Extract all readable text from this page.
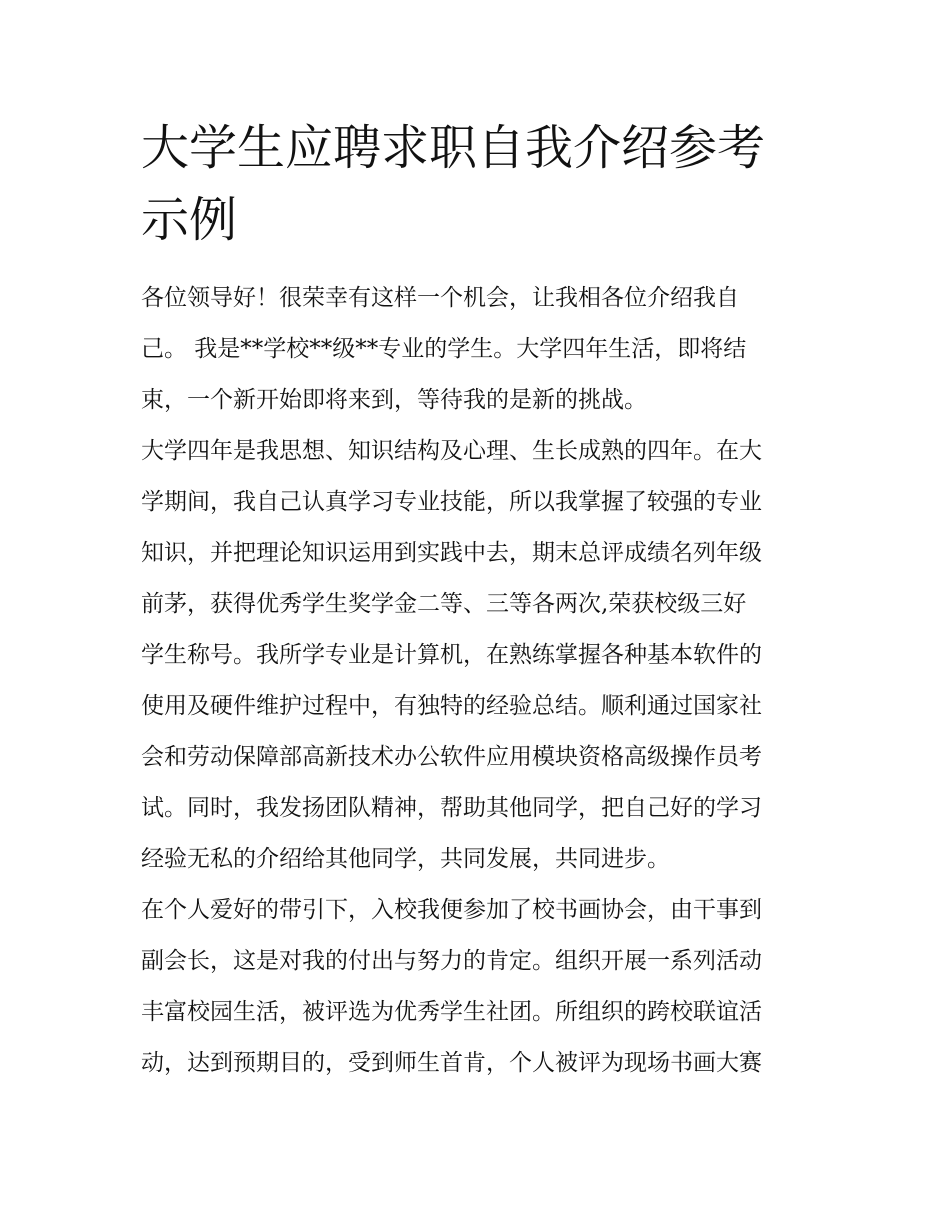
大学生应聘求职自我介绍参考
示例

各位领导好！很荣幸有这样一个机会，让我相各位介绍我自
己。 我是**学校**级**专业的学生。大学四年生活，即将结
束，一个新开始即将来到，等待我的是新的挑战。

大学四年是我思想、知识结构及心理、生长成熟的四年。在大
学期间，我自己认真学习专业技能，所以我掌握了较强的专业
知识，并把理论知识运用到实践中去，期末总评成绩名列年级
前茅，获得优秀学生奖学金二等、三等各两次,荣获校级三好
学生称号。我所学专业是计算机，在熟练掌握各种基本软件的
使用及硬件维护过程中，有独特的经验总结。顺利通过国家社
会和劳动保障部高新技术办公软件应用模块资格高级操作员考
试。同时，我发扬团队精神，帮助其他同学，把自己好的学习
经验无私的介绍给其他同学，共同发展，共同进步。

在个人爱好的带引下，入校我便参加了校书画协会，由干事到
副会长，这是对我的付出与努力的肯定。组织开展一系列活动
丰富校园生活，被评选为优秀学生社团。所组织的跨校联谊活
动，达到预期目的，受到师生首肯，个人被评为现场书画大赛
